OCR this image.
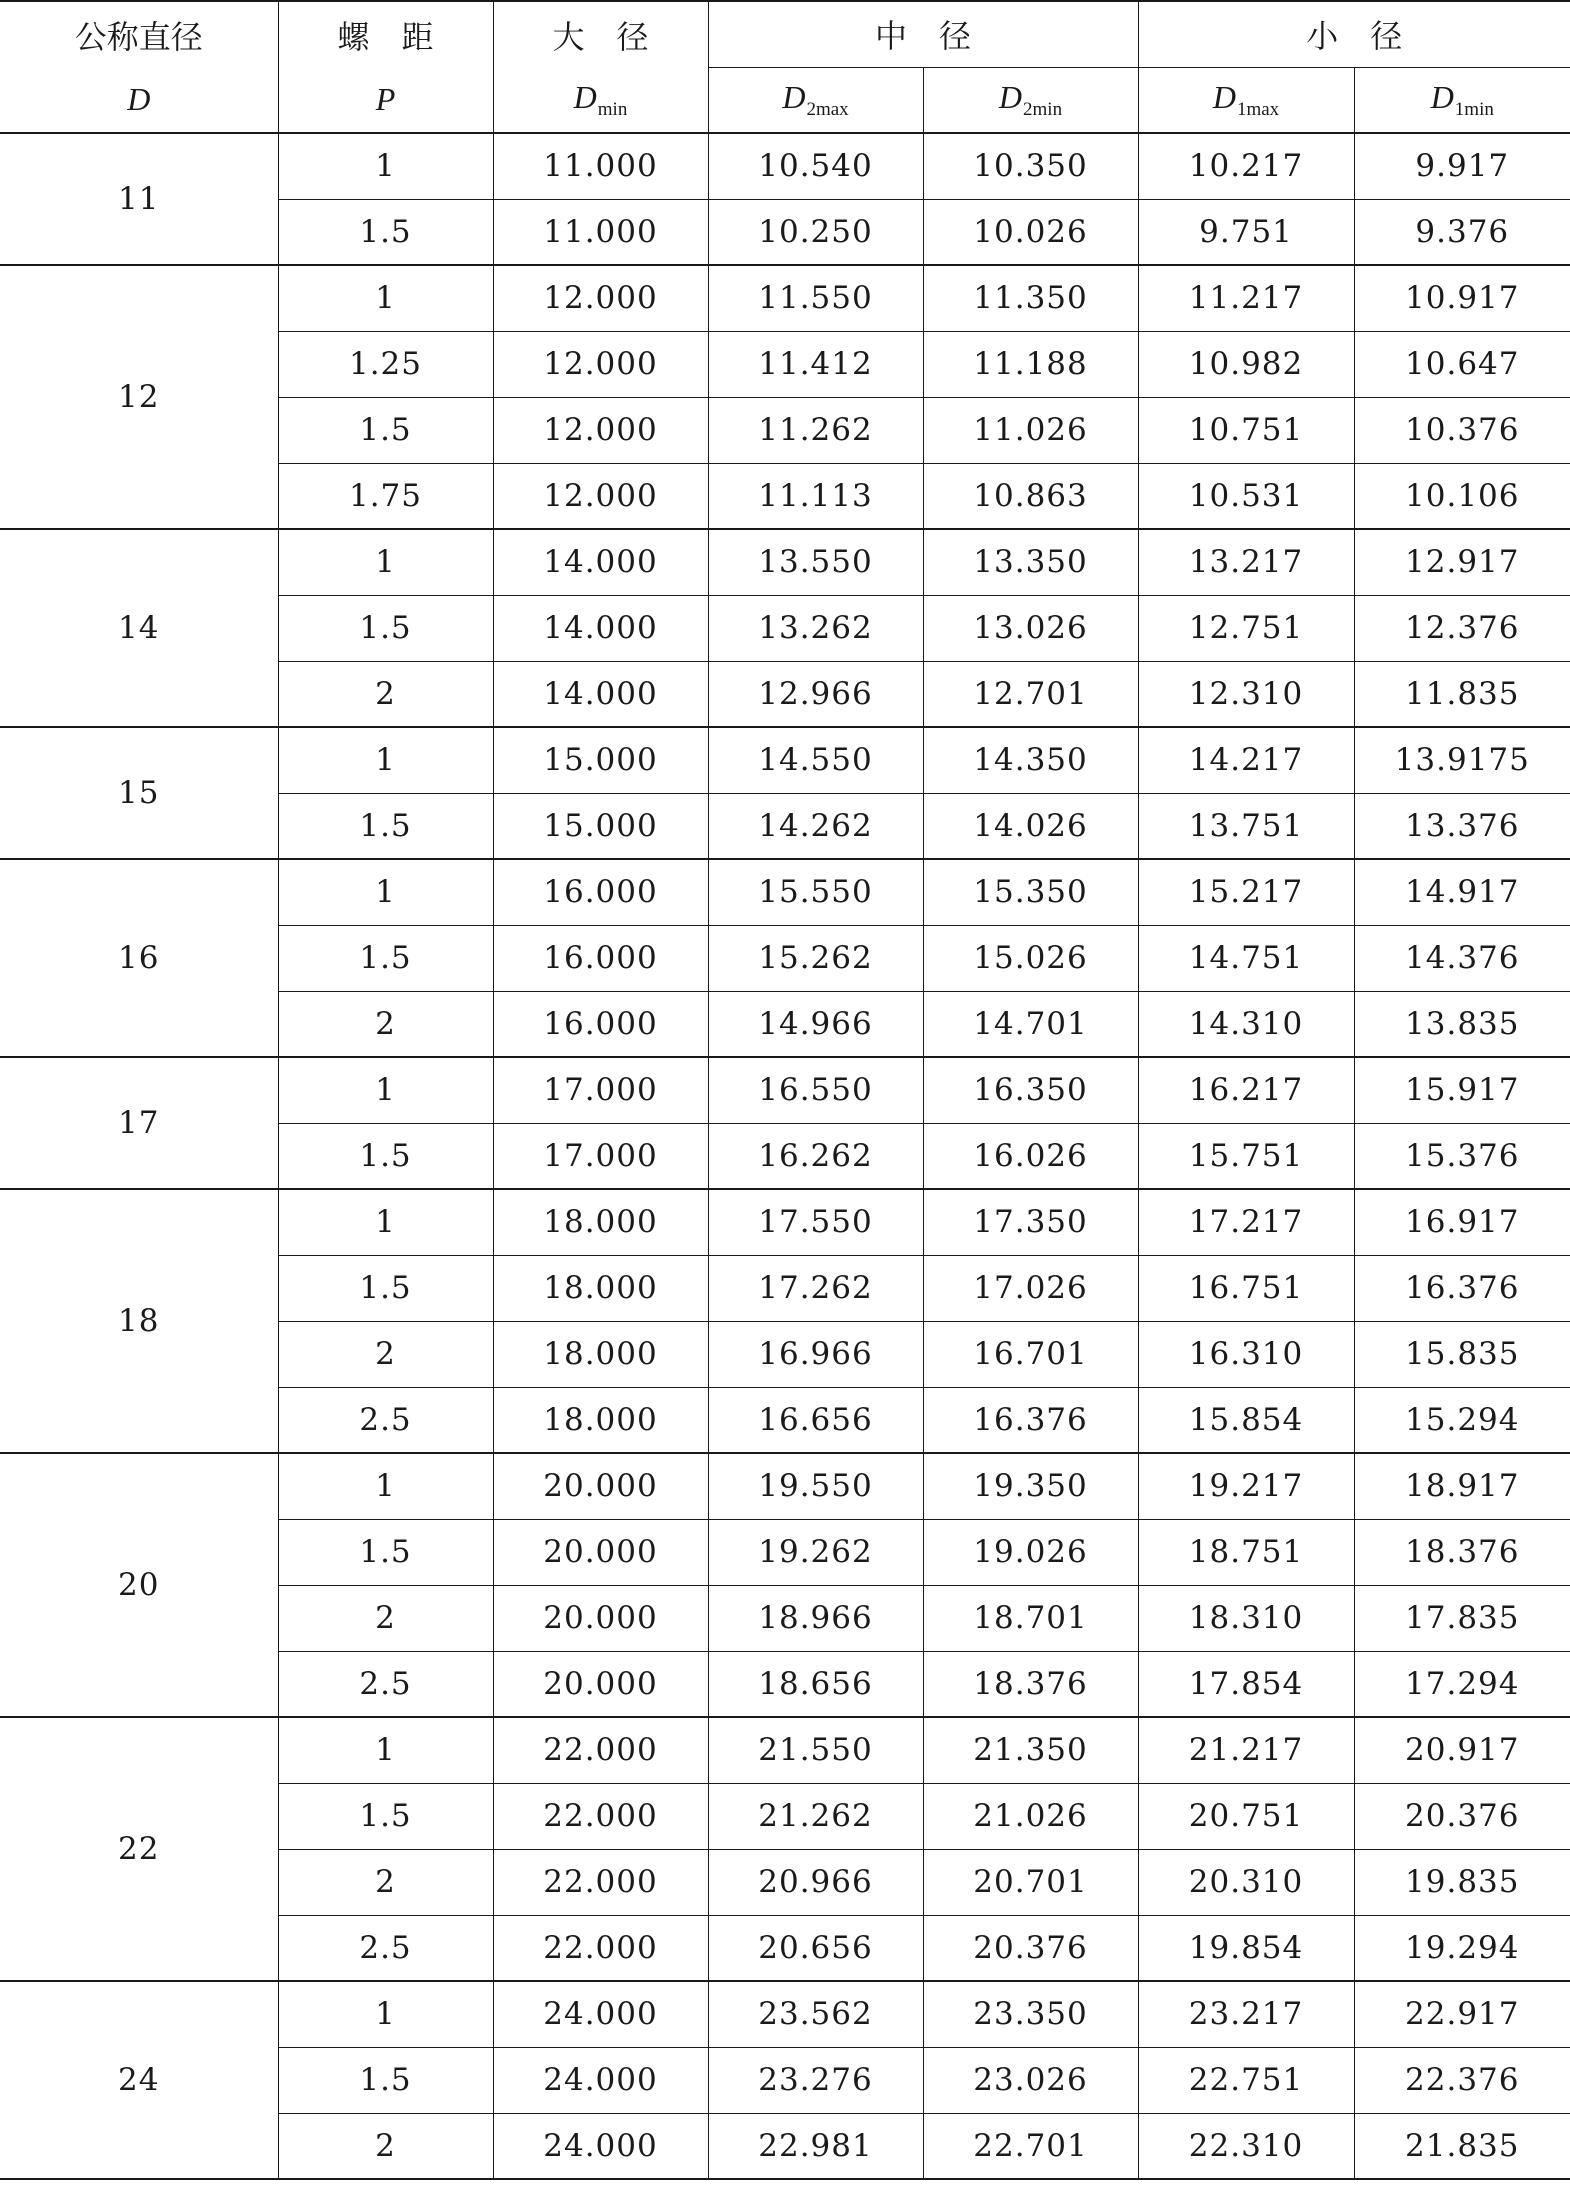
公称直径	螺　距	大　径	中　径		小　径	
D	P	$D_{min}$	$D_{2max}$	$D_{2min}$	$D_{1max}$	$D_{1min}$
11	1	11.000	10.540	10.350	10.217	9.917
	1.5	11.000	10.250	10.026	9.751	9.376
12	1	12.000	11.550	11.350	11.217	10.917
	1.25	12.000	11.412	11.188	10.982	10.647
	1.5	12.000	11.262	11.026	10.751	10.376
	1.75	12.000	11.113	10.863	10.531	10.106
14	1	14.000	13.550	13.350	13.217	12.917
	1.5	14.000	13.262	13.026	12.751	12.376
	2	14.000	12.966	12.701	12.310	11.835
15	1	15.000	14.550	14.350	14.217	13.9175
	1.5	15.000	14.262	14.026	13.751	13.376
16	1	16.000	15.550	15.350	15.217	14.917
	1.5	16.000	15.262	15.026	14.751	14.376
	2	16.000	14.966	14.701	14.310	13.835
17	1	17.000	16.550	16.350	16.217	15.917
	1.5	17.000	16.262	16.026	15.751	15.376
18	1	18.000	17.550	17.350	17.217	16.917
	1.5	18.000	17.262	17.026	16.751	16.376
	2	18.000	16.966	16.701	16.310	15.835
	2.5	18.000	16.656	16.376	15.854	15.294
20	1	20.000	19.550	19.350	19.217	18.917
	1.5	20.000	19.262	19.026	18.751	18.376
	2	20.000	18.966	18.701	18.310	17.835
	2.5	20.000	18.656	18.376	17.854	17.294
22	1	22.000	21.550	21.350	21.217	20.917
	1.5	22.000	21.262	21.026	20.751	20.376
	2	22.000	20.966	20.701	20.310	19.835
	2.5	22.000	20.656	20.376	19.854	19.294
24	1	24.000	23.562	23.350	23.217	22.917
	1.5	24.000	23.276	23.026	22.751	22.376
	2	24.000	22.981	22.701	22.310	21.835
